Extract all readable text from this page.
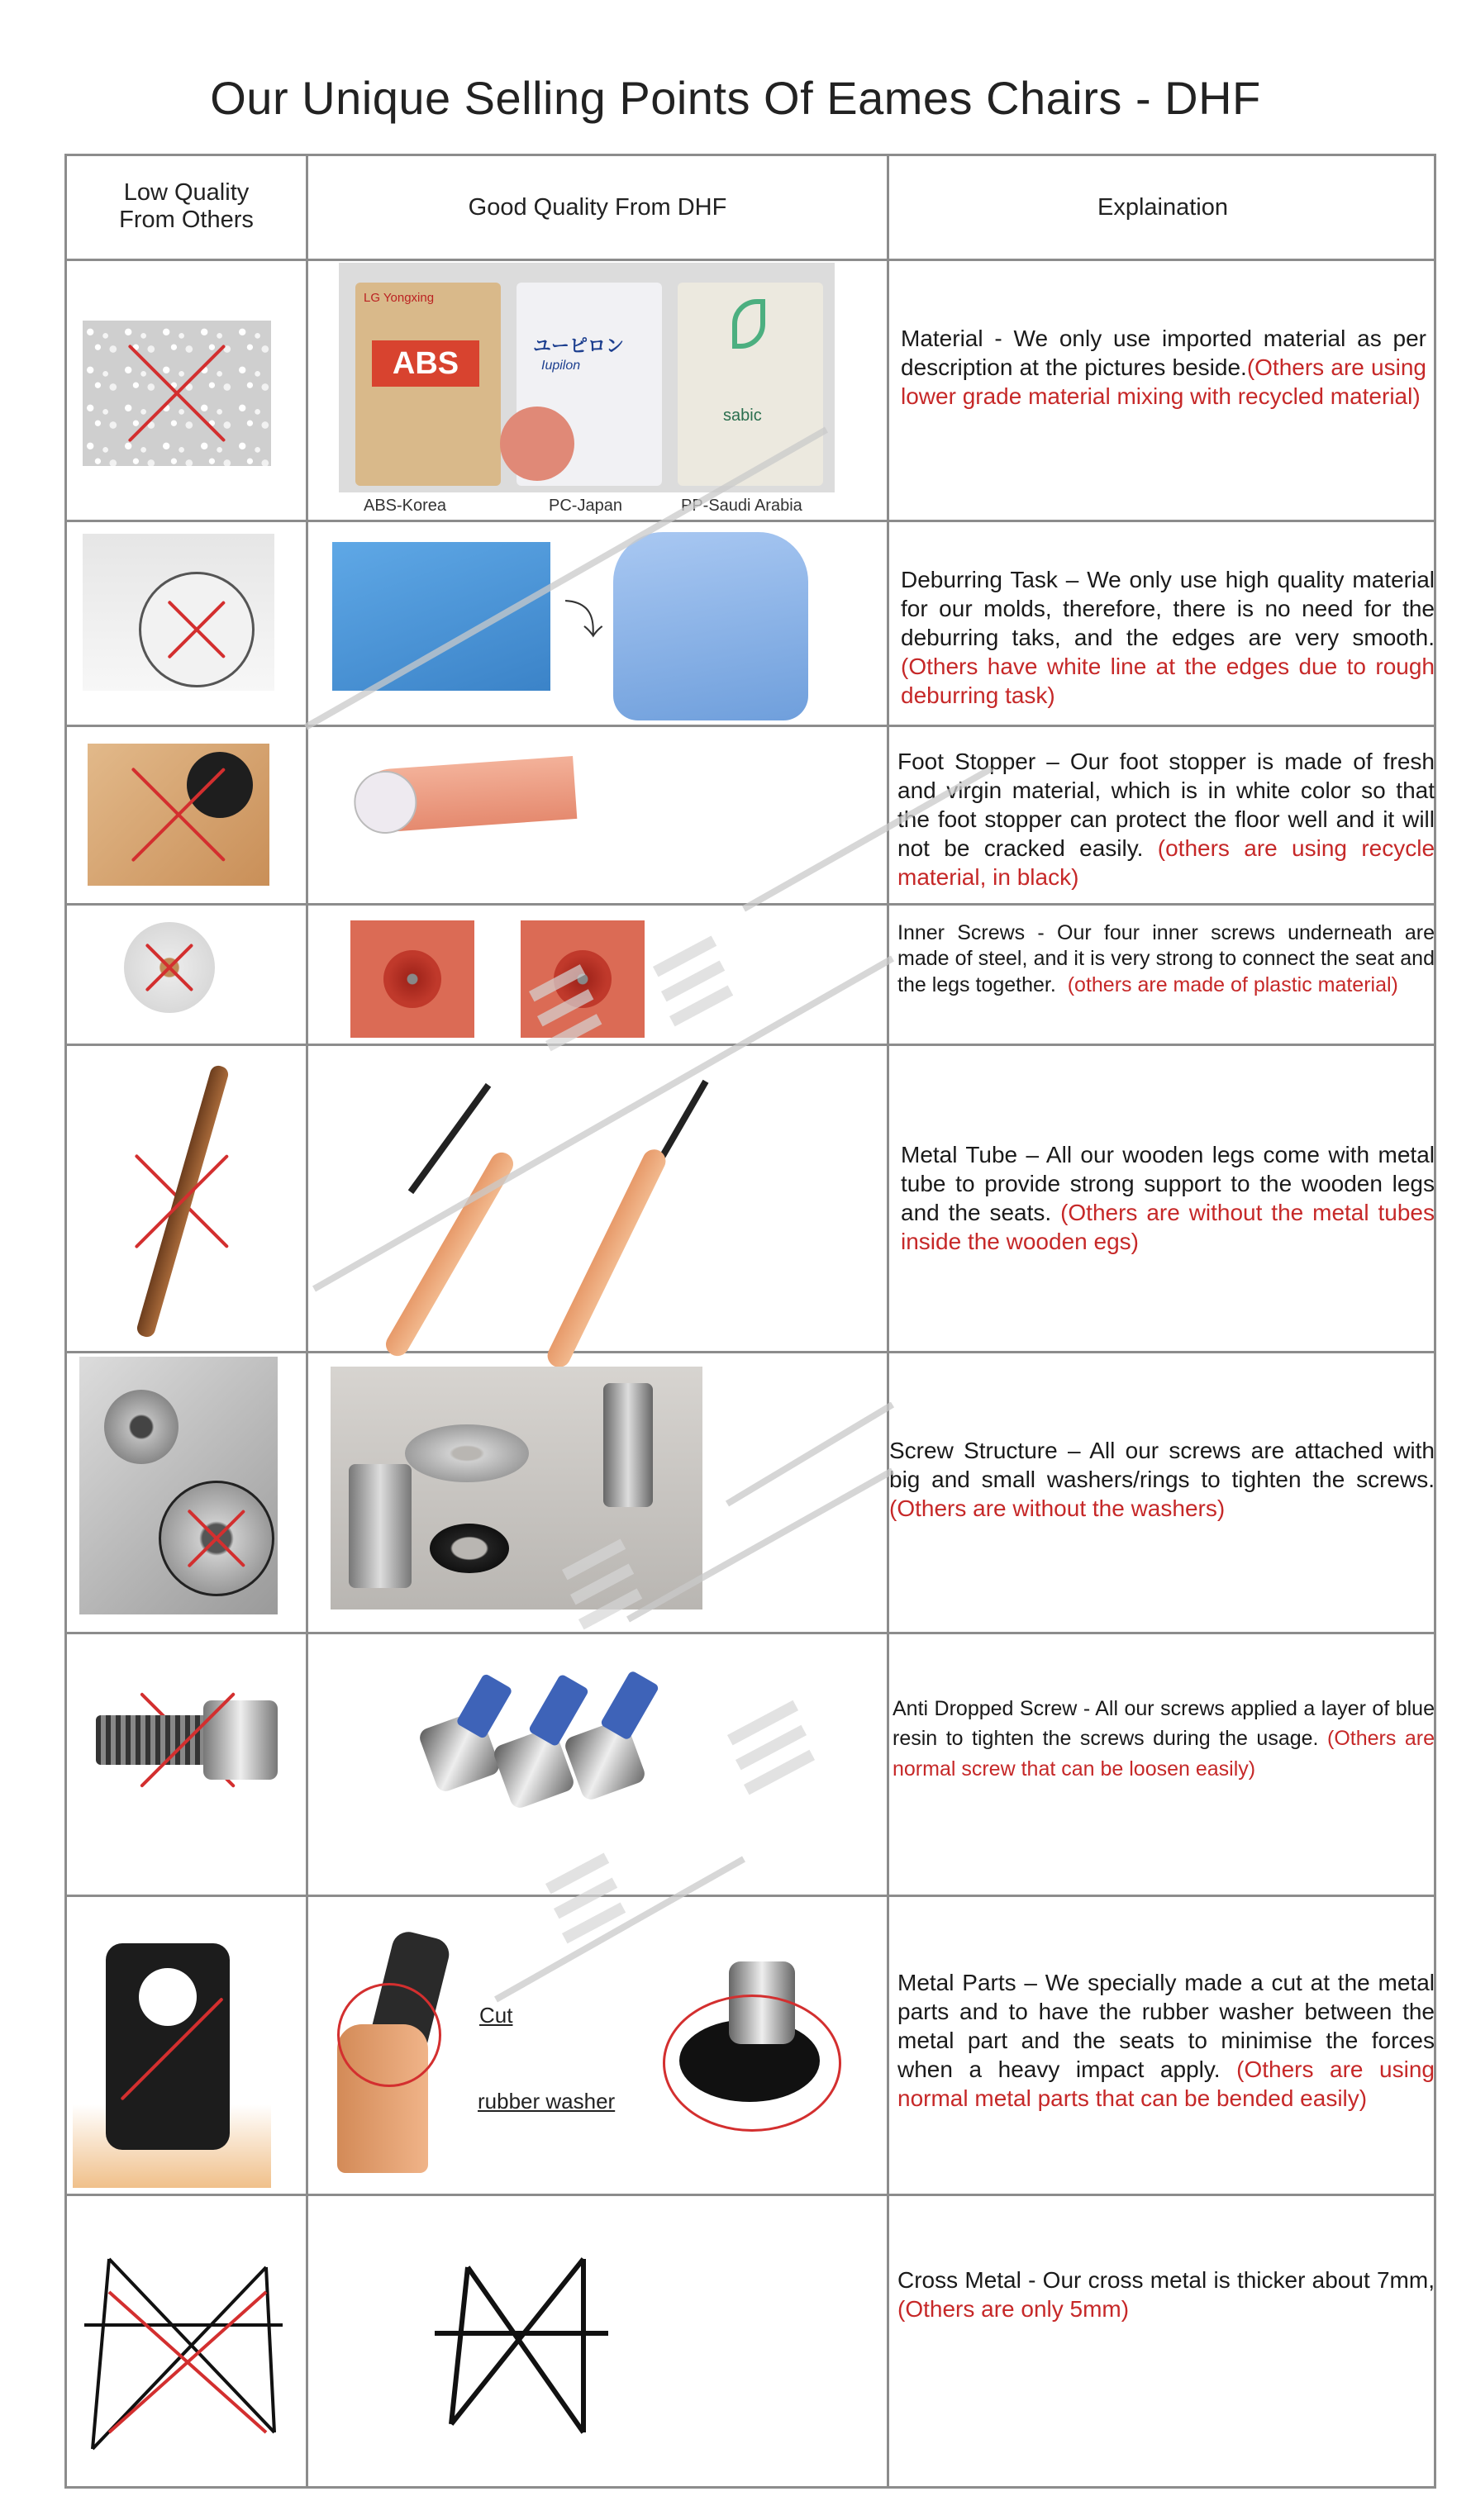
Our Unique Selling Points Of Eames Chairs - DHF
Low Quality
From Others	Good Quality From DHF	Explaination
LG Yongxing
ABS
ユーピロン
Iupilon
sabic
ABS-Korea	PC-Japan	PP-Saudi Arabia
Material - We only use imported material as per description at the pictures beside.(Others are using lower grade material mixing with recycled material)
⤵
Deburring Task – We only use high quality material for our molds, therefore, there is no need for the deburring taks, and the edges are very smooth. (Others have white line at the edges due to rough deburring task)
Foot Stopper – Our foot stopper is made of fresh and virgin material, which is in white color so that the foot stopper can protect the floor well and it will not be cracked easily. (others are using recycle material, in black)
Inner Screws - Our four inner screws underneath are made of steel, and it is very strong to connect the seat and the legs together. (others are made of plastic material)
Metal Tube – All our wooden legs come with metal tube to provide strong support to the wooden legs and the seats. (Others are without the metal tubes inside the wooden egs)
Screw Structure – All our screws are attached with big and small washers/rings to tighten the screws. (Others are without the washers)
Anti Dropped Screw - All our screws applied a layer of blue resin to tighten the screws during the usage. (Others are normal screw that can be loosen easily)
Cut
rubber washer
Metal Parts – We specially made a cut at the metal parts and to have the rubber washer between the metal part and the seats to minimise the forces when a heavy impact apply. (Others are using normal metal parts that can be bended easily)
Cross Metal - Our cross metal is thicker about 7mm, (Others are only 5mm)
